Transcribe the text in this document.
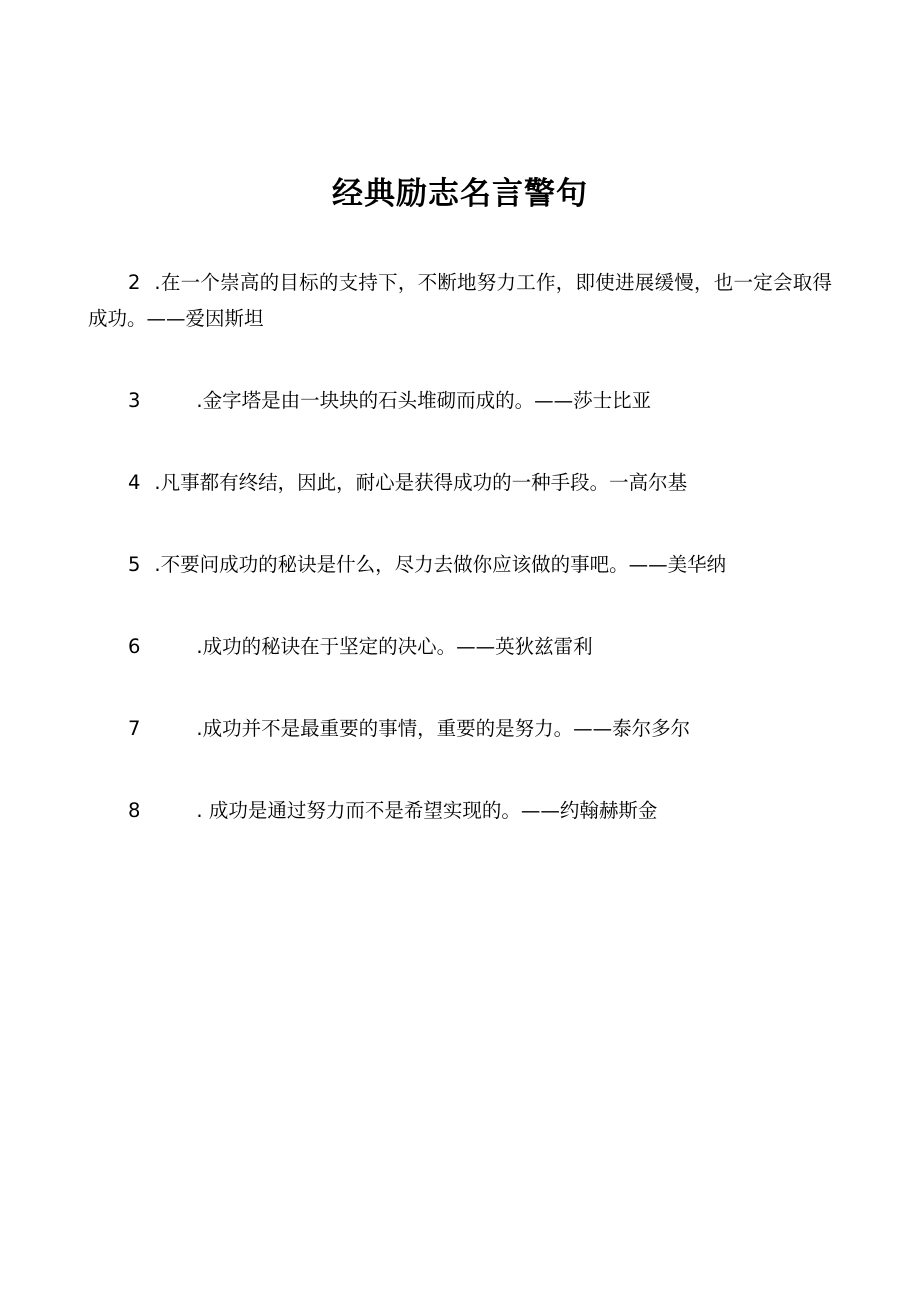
经典励志名言警句

2 .在一个崇高的目标的支持下，不断地努力工作，即使进展缓慢，也一定会取得成功。——爱因斯坦

3	.金字塔是由一块块的石头堆砌而成的。——莎士比亚

4 .凡事都有终结，因此，耐心是获得成功的一种手段。一高尔基

5 .不要问成功的秘诀是什么，尽力去做你应该做的事吧。——美华纳

6	.成功的秘诀在于坚定的决心。——英狄兹雷利

7	.成功并不是最重要的事情，重要的是努力。——泰尔多尔

8	. 成功是通过努力而不是希望实现的。——约翰赫斯金
